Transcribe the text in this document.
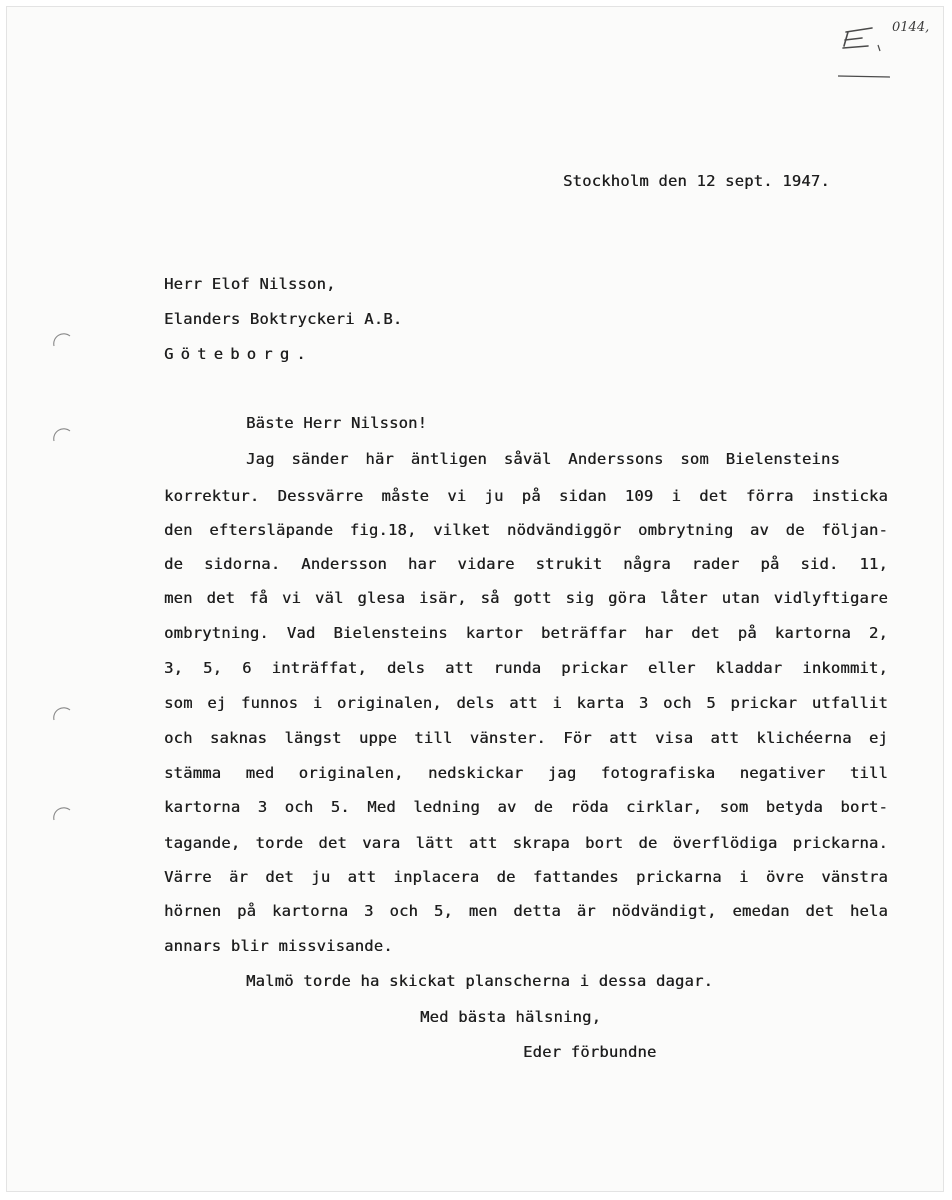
0144,
Stockholm den 12 sept. 1947.
Herr Elof Nilsson,
Elanders Boktryckeri A.B.
Göteborg.
Bäste Herr Nilsson!
Jag sänder här äntligen såväl Anderssons som Bielensteins
korrektur. Dessvärre måste vi ju på sidan 109 i det förra insticka
den eftersläpande fig.18, vilket nödvändiggör ombrytning av de följan-
de sidorna. Andersson har vidare strukit några rader på sid. 11,
men det få vi väl glesa isär, så gott sig göra låter utan vidlyftigare
ombrytning. Vad Bielensteins kartor beträffar har det på kartorna 2,
3, 5, 6 inträffat, dels att runda prickar eller kladdar inkommit,
som ej funnos i originalen, dels att i karta 3 och 5 prickar utfallit
och saknas längst uppe till vänster. För att visa att klichéerna ej
stämma med originalen, nedskickar jag fotografiska negativer till
kartorna 3 och 5. Med ledning av de röda cirklar, som betyda bort-
tagande, torde det vara lätt att skrapa bort de överflödiga prickarna.
Värre är det ju att inplacera de fattandes prickarna i övre vänstra
hörnen på kartorna 3 och 5, men detta är nödvändigt, emedan det hela
annars blir missvisande.
Malmö torde ha skickat planscherna i dessa dagar.
Med bästa hälsning,
Eder förbundne
